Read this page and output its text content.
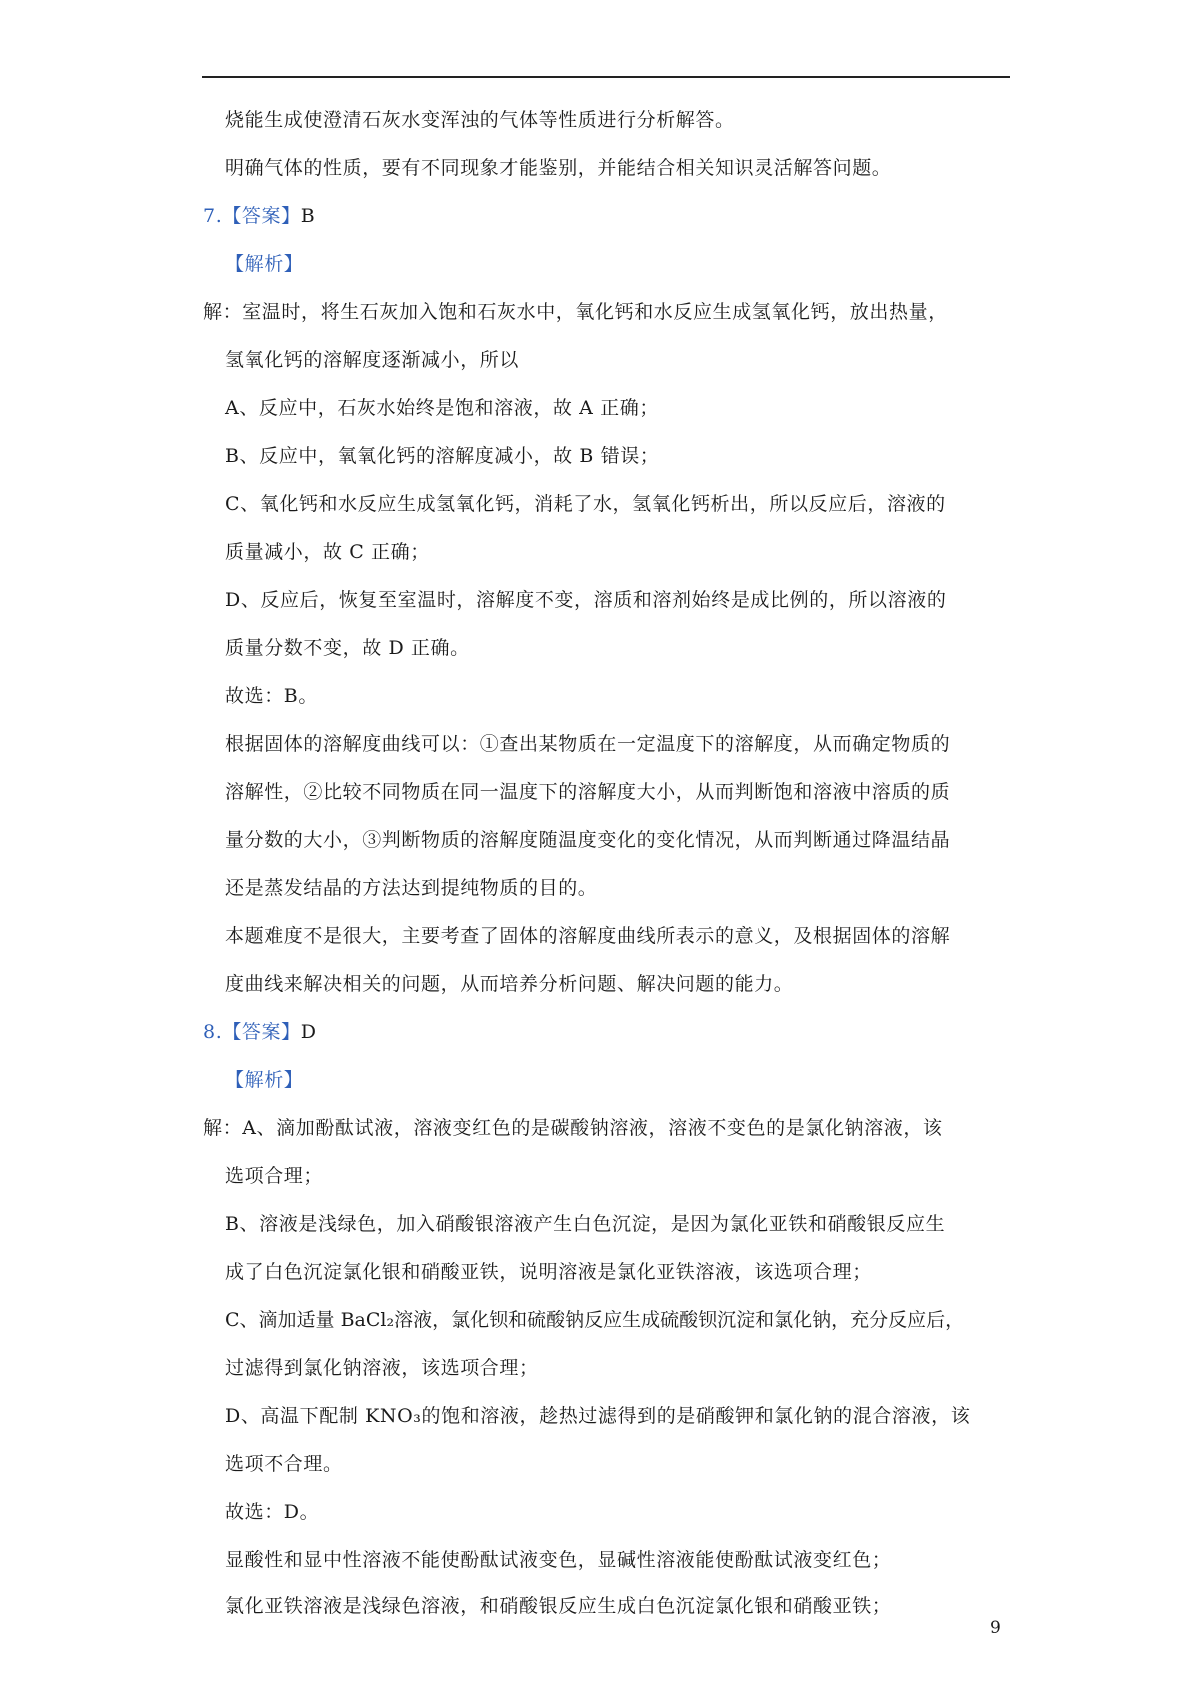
烧能生成使澄清石灰水变浑浊的气体等性质进行分析解答。
明确气体的性质，要有不同现象才能鉴别，并能结合相关知识灵活解答问题。
7.【答案】B
【解析】
解：室温时，将生石灰加入饱和石灰水中，氧化钙和水反应生成氢氧化钙，放出热量，
氢氧化钙的溶解度逐渐减小，所以
A、反应中，石灰水始终是饱和溶液，故 A 正确；
B、反应中，氧氧化钙的溶解度减小，故 B 错误；
C、氧化钙和水反应生成氢氧化钙，消耗了水，氢氧化钙析出，所以反应后，溶液的
质量减小，故 C 正确；
D、反应后，恢复至室温时，溶解度不变，溶质和溶剂始终是成比例的，所以溶液的
质量分数不变，故 D 正确。
故选：B。
根据固体的溶解度曲线可以：①查出某物质在一定温度下的溶解度，从而确定物质的
溶解性，②比较不同物质在同一温度下的溶解度大小，从而判断饱和溶液中溶质的质
量分数的大小，③判断物质的溶解度随温度变化的变化情况，从而判断通过降温结晶
还是蒸发结晶的方法达到提纯物质的目的。
本题难度不是很大，主要考查了固体的溶解度曲线所表示的意义，及根据固体的溶解
度曲线来解决相关的问题，从而培养分析问题、解决问题的能力。
8.【答案】D
【解析】
解：A、滴加酚酞试液，溶液变红色的是碳酸钠溶液，溶液不变色的是氯化钠溶液，该
选项合理；
B、溶液是浅绿色，加入硝酸银溶液产生白色沉淀，是因为氯化亚铁和硝酸银反应生
成了白色沉淀氯化银和硝酸亚铁，说明溶液是氯化亚铁溶液，该选项合理；
C、滴加适量 BaCl₂溶液，氯化钡和硫酸钠反应生成硫酸钡沉淀和氯化钠，充分反应后，
过滤得到氯化钠溶液，该选项合理；
D、高温下配制 KNO₃的饱和溶液，趁热过滤得到的是硝酸钾和氯化钠的混合溶液，该
选项不合理。
故选：D。
显酸性和显中性溶液不能使酚酞试液变色，显碱性溶液能使酚酞试液变红色；
氯化亚铁溶液是浅绿色溶液，和硝酸银反应生成白色沉淀氯化银和硝酸亚铁；
9
